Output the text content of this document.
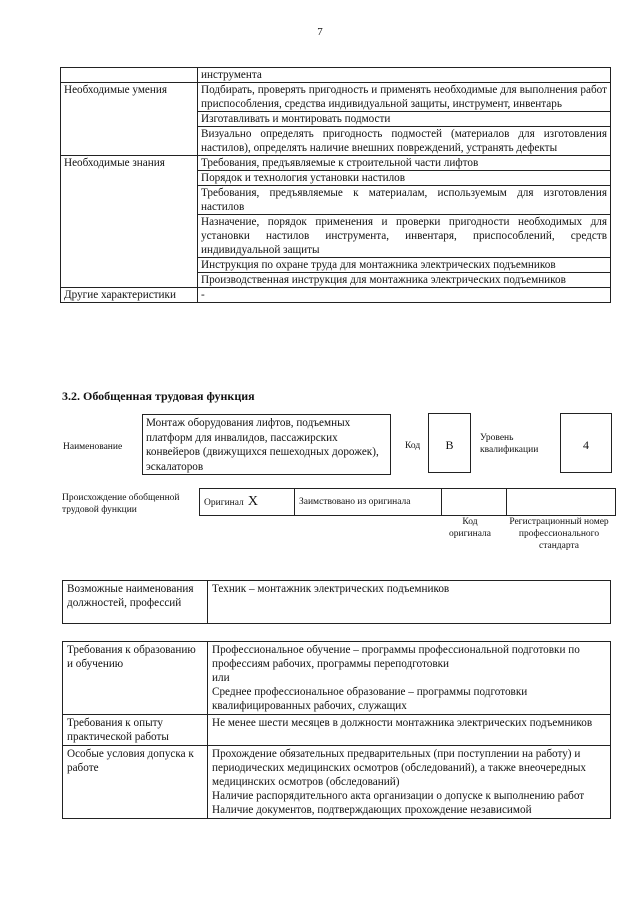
7
	инструмента
Необходимые умения	Подбирать, проверять пригодность и применять необходимые для выполнения работ приспособления, средства индивидуальной защиты, инструмент, инвентарь
	Изготавливать и монтировать подмости
	Визуально определять пригодность подмостей (материалов для изготовления настилов), определять наличие внешних повреждений, устранять дефекты
Необходимые знания	Требования, предъявляемые к строительной части лифтов
	Порядок и технология установки настилов
	Требования, предъявляемые к материалам, используемым для изготовления настилов
	Назначение, порядок применения и проверки пригодности необходимых для установки настилов инструмента, инвентаря, приспособлений, средств индивидуальной защиты
	Инструкция по охране труда для монтажника электрических подъемников
	Производственная инструкция для монтажника электрических подъемников
Другие характеристики	-
3.2. Обобщенная трудовая функция
Наименование
Монтаж оборудования лифтов, подъемных платформ для инвалидов, пассажирских конвейеров (движущихся пешеходных дорожек), эскалаторов
Код	B	Уровень квалификации	4
Происхождение обобщенной трудовой функции
Оригинал X	Заимствовано из оригинала		
Код оригинала
Регистрационный номер профессионального стандарта
Возможные наименования должностей, профессий	Техник – монтажник электрических подъемников
Требования к образованию и обучению	Профессиональное обучение – программы профессиональной подготовки по профессиям рабочих, программы переподготовки
или
Среднее профессиональное образование – программы подготовки квалифицированных рабочих, служащих

Требования к опыту практической работы	Не менее шести месяцев в должности монтажника электрических подъемников

Особые условия допуска к работе	Прохождение обязательных предварительных (при поступлении на работу) и периодических медицинских осмотров (обследований), а также внеочередных медицинских осмотров (обследований)
Наличие распорядительного акта организации о допуске к выполнению работ
Наличие документов, подтверждающих прохождение независимой
